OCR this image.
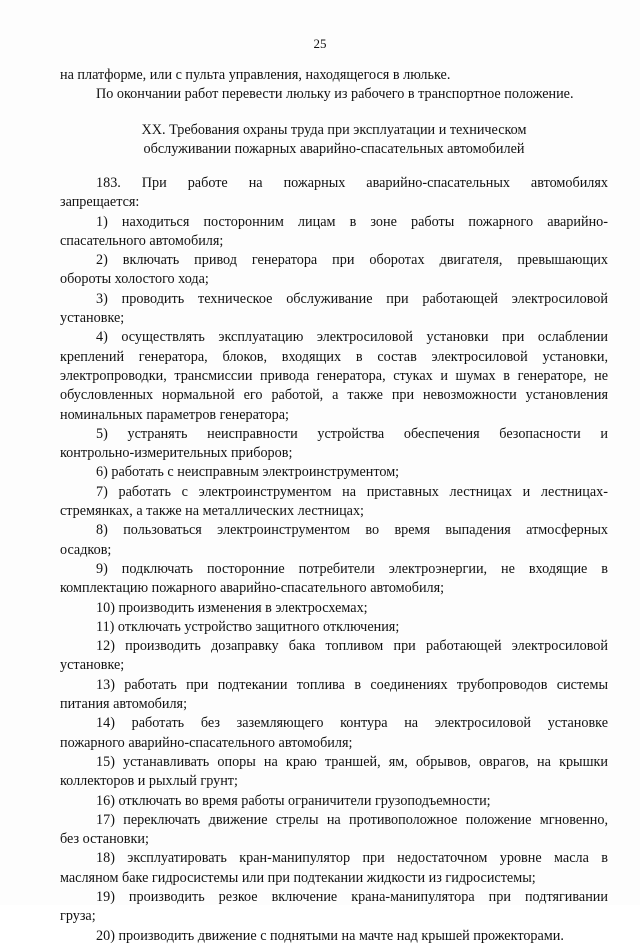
25
на платформе, или с пульта управления, находящегося в люльке.
По окончании работ перевести люльку из рабочего в транспортное положение.
XX. Требования охраны труда при эксплуатации и техническом
обслуживании пожарных аварийно-спасательных автомобилей
183. При работе на пожарных аварийно-спасательных автомобилях
запрещается:
1) находиться посторонним лицам в зоне работы пожарного аварийно-
спасательного автомобиля;
2) включать привод генератора при оборотах двигателя, превышающих
обороты холостого хода;
3) проводить техническое обслуживание при работающей электросиловой
установке;
4) осуществлять эксплуатацию электросиловой установки при ослаблении
креплений генератора, блоков, входящих в состав электросиловой установки,
электропроводки, трансмиссии привода генератора, стуках и шумах в генераторе, не
обусловленных нормальной его работой, а также при невозможности установления
номинальных параметров генератора;
5) устранять неисправности устройства обеспечения безопасности и
контрольно-измерительных приборов;
6) работать с неисправным электроинструментом;
7) работать с электроинструментом на приставных лестницах и лестницах-
стремянках, а также на металлических лестницах;
8) пользоваться электроинструментом во время выпадения атмосферных
осадков;
9) подключать посторонние потребители электроэнергии, не входящие в
комплектацию пожарного аварийно-спасательного автомобиля;
10) производить изменения в электросхемах;
11) отключать устройство защитного отключения;
12) производить дозаправку бака топливом при работающей электросиловой
установке;
13) работать при подтекании топлива в соединениях трубопроводов системы
питания автомобиля;
14) работать без заземляющего контура на электросиловой установке
пожарного аварийно-спасательного автомобиля;
15) устанавливать опоры на краю траншей, ям, обрывов, оврагов, на крышки
коллекторов и рыхлый грунт;
16) отключать во время работы ограничители грузоподъемности;
17) переключать движение стрелы на противоположное положение мгновенно,
без остановки;
18) эксплуатировать кран-манипулятор при недостаточном уровне масла в
масляном баке гидросистемы или при подтекании жидкости из гидросистемы;
19) производить резкое включение крана-манипулятора при подтягивании
груза;
20) производить движение с поднятыми на мачте над крышей прожекторами.
